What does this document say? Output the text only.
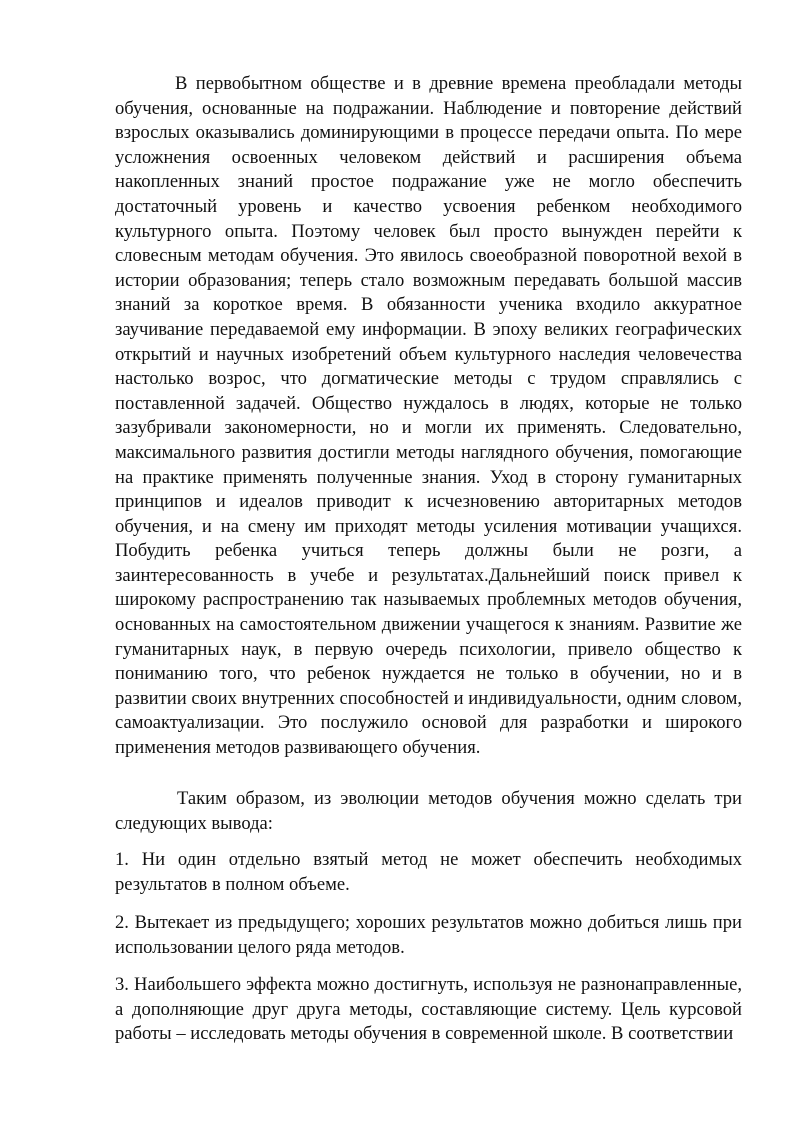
В первобытном обществе и в древние времена преобладали методы обучения, основанные на подражании. Наблюдение и повторение действий взрослых оказывались доминирующими в процессе передачи опыта. По мере усложнения освоенных человеком действий и расширения объема накопленных знаний простое подражание уже не могло обеспечить достаточный уровень и качество усвоения ребенком необходимого культурного опыта. Поэтому человек был просто вынужден перейти к словесным методам обучения. Это явилось своеобразной поворотной вехой в истории образования; теперь стало возможным передавать большой массив знаний за короткое время. В обязанности ученика входило аккуратное заучивание передаваемой ему информации. В эпоху великих географических открытий и научных изобретений объем культурного наследия человечества настолько возрос, что догматические методы с трудом справлялись с поставленной задачей. Общество нуждалось в людях, которые не только зазубривали закономерности, но и могли их применять. Следовательно, максимального развития достигли методы наглядного обучения, помогающие на практике применять полученные знания. Уход в сторону гуманитарных принципов и идеалов приводит к исчезновению авторитарных методов обучения, и на смену им приходят методы усиления мотивации учащихся. Побудить ребенка учиться теперь должны были не розги, а заинтересованность в учебе и результатах.Дальнейший поиск привел к широкому распространению так называемых проблемных методов обучения, основанных на самостоятельном движении учащегося к знаниям. Развитие же гуманитарных наук, в первую очередь психологии, привело общество к пониманию того, что ребенок нуждается не только в обучении, но и в развитии своих внутренних способностей и индивидуальности, одним словом, самоактуализации. Это послужило основой для разработки и широкого применения методов развивающего обучения.

Таким образом, из эволюции методов обучения можно сделать три следующих вывода:

1. Ни один отдельно взятый метод не может обеспечить необходимых результатов в полном объеме.

2. Вытекает из предыдущего; хороших результатов можно добиться лишь при использовании целого ряда методов.

3. Наибольшего эффекта можно достигнуть, используя не разнонаправленные, а дополняющие друг друга методы, составляющие систему. Цель курсовой работы – исследовать методы обучения в современной школе. В соответствии
